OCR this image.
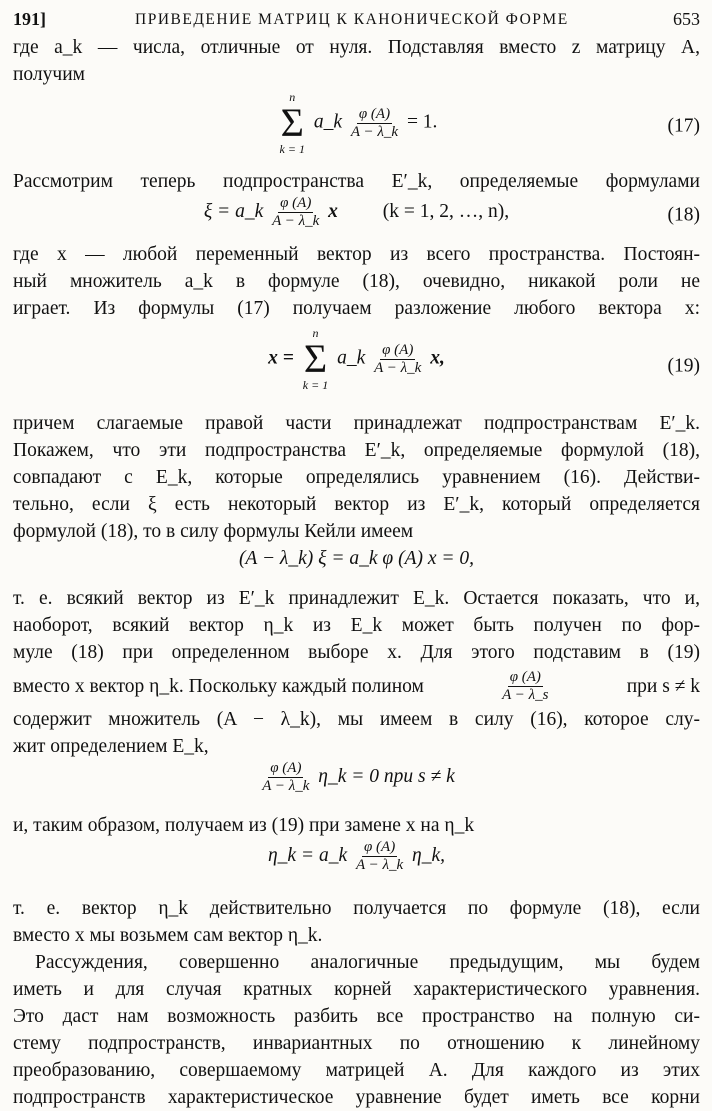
191]	ПРИВЕДЕНИЕ МАТРИЦ К КАНОНИЧЕСКОЙ ФОРМЕ	653

где a_k — числа, отличные от нуля. Подставляя вместо z матрицу A,

получим

n
Σ
k = 1
a_k $\frac{\varphi (A)}{A - \lambda\_k} = 1$.	(17)

Рассмотрим теперь подпространства E′_k, определяемые формулами

ξ = a_k $\frac{\varphi (A)}{A - \lambda\_k}$ x (k = 1, 2, …, n),	(18)

где x — любой переменный вектор из всего пространства. Постоян-

ный множитель a_k в формуле (18), очевидно, никакой роли не

играет. Из формулы (17) получаем разложение любого вектора x:

x =
n
Σ
k = 1
a_k $\frac{\varphi (A)}{A - \lambda\_k} x$,	(19)

причем слагаемые правой части принадлежат подпространствам E′_k.

Покажем, что эти подпространства E′_k, определяемые формулой (18),

совпадают с E_k, которые определялись уравнением (16). Действи-

тельно, если ξ есть некоторый вектор из E′_k, который определяется

формулой (18), то в силу формулы Кейли имеем

(A − λ_k) ξ = a_k φ (A) x = 0,

т. е. всякий вектор из E′_k принадлежит E_k. Остается показать, что и,

наоборот, всякий вектор η_k из E_k может быть получен по фор-

муле (18) при определенном выборе x. Для этого подставим в (19)

вместо x вектор η_k. Поскольку каждый полином	$\frac{\varphi (A)}{A - \lambda\_s}$	при s ≠ k

содержит множитель (A − λ_k), мы имеем в силу (16), которое слу-

жит определением E_k,

$\frac{\varphi (A)}{A - \lambda\_k}$ η_k = 0 при s ≠ k

и, таким образом, получаем из (19) при замене x на η_k

η_k = a_k $\frac{\varphi (A)}{A - \lambda\_k}$ η_k,

т. е. вектор η_k действительно получается по формуле (18), если

вместо x мы возьмем сам вектор η_k.

Рассуждения, совершенно аналогичные предыдущим, мы будем

иметь и для случая кратных корней характеристического уравнения.

Это даст нам возможность разбить все пространство на полную си-

стему подпространств, инвариантных по отношению к линейному

преобразованию, совершаемому матрицей A. Для каждого из этих

подпространств характеристическое уравнение будет иметь все корни
